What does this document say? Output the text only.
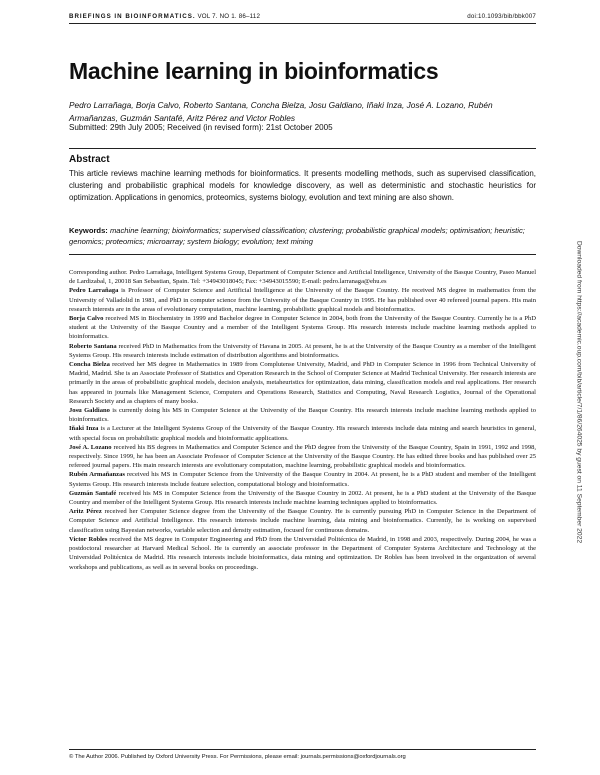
BRIEFINGS IN BIOINFORMATICS. VOL 7. NO 1. 86–112	doi:10.1093/bib/bbk007
Machine learning in bioinformatics
Pedro Larrañaga, Borja Calvo, Roberto Santana, Concha Bielza, Josu Galdiano, Iñaki Inza, José A. Lozano, Rubén Armañanzas, Guzmán Santafé, Aritz Pérez and Victor Robles
Submitted: 29th July 2005; Received (in revised form): 21st October 2005
Abstract

This article reviews machine learning methods for bioinformatics. It presents modelling methods, such as supervised classification, clustering and probabilistic graphical models for knowledge discovery, as well as deterministic and stochastic heuristics for optimization. Applications in genomics, proteomics, systems biology, evolution and text mining are also shown.

Keywords: machine learning; bioinformatics; supervised classification; clustering; probabilistic graphical models; optimisation; heuristic; genomics; proteomics; microarray; system biology; evolution; text mining

Corresponding author. Pedro Larrañaga, Intelligent Systems Group, Department of Computer Science and Artificial Intelligence, University of the Basque Country, Paseo Manuel de Lardizabal, 1, 20018 San Sebastian, Spain. Tel: +34943018045; Fax: +34943015590; E-mail: pedro.larranaga@ehu.es

Pedro Larrañaga is Professor of Computer Science and Artificial Intelligence at the University of the Basque Country. He received MS degree in mathematics from the University of Valladolid in 1981, and PhD in computer science from the University of the Basque Country in 1995. He has published over 40 refereed journal papers. His main research interests are in the areas of evolutionary computation, machine learning, probabilistic graphical models and bioinformatics.

Borja Calvo received MS in Biochemistry in 1999 and Bachelor degree in Computer Science in 2004, both from the University of the Basque Country. Currently he is a PhD student at the University of the Basque Country and a member of the Intelligent Systems Group. His research interests include machine learning methods applied to bioinformatics.

Roberto Santana received PhD in Mathematics from the University of Havana in 2005. At present, he is at the University of the Basque Country as a member of the Intelligent Systems Group. His research interests include estimation of distribution algorithms and bioinformatics.

Concha Bielza received her MS degree in Mathematics in 1989 from Complutense University, Madrid, and PhD in Computer Science in 1996 from Technical University of Madrid, Madrid. She is an Associate Professor of Statistics and Operation Research in the School of Computer Science at Madrid Technical University. Her research interests are primarily in the areas of probabilistic graphical models, decision analysis, metaheuristics for optimization, data mining, classification models and real applications. Her research has appeared in journals like Management Science, Computers and Operations Research, Statistics and Computing, Naval Research Logistics, Journal of the Operational Research Society and as chapters of many books.

Josu Galdiano is currently doing his MS in Computer Science at the University of the Basque Country. His research interests include machine learning methods applied to bioinformatics.

Iñaki Inza is a Lecturer at the Intelligent Systems Group of the University of the Basque Country. His research interests include data mining and search heuristics in general, with special focus on probabilistic graphical models and bioinformatic applications.

José A. Lozano received his BS degrees in Mathematics and Computer Science and the PhD degree from the University of the Basque Country, Spain in 1991, 1992 and 1998, respectively. Since 1999, he has been an Associate Professor of Computer Science at the University of the Basque Country. He has edited three books and has published over 25 refereed journal papers. His main research interests are evolutionary computation, machine learning, probabilistic graphical models and bioinformatics.

Rubén Armañanzas received his MS in Computer Science from the University of the Basque Country in 2004. At present, he is a PhD student and member of the Intelligent Systems Group. His research interests include feature selection, computational biology and bioinformatics.

Guzmán Santafé received his MS in Computer Science from the University of the Basque Country in 2002. At present, he is a PhD student at the University of the Basque Country and member of the Intelligent Systems Group. His research interests include machine learning techniques applied to bioinformatics.

Aritz Pérez received her Computer Science degree from the University of the Basque Country. He is currently pursuing PhD in Computer Science in the Department of Computer Science and Artificial Intelligence. His research interests include machine learning, data mining and bioinformatics. Currently, he is working on supervised classification using Bayesian networks, variable selection and density estimation, focused for continuous domains.

Victor Robles received the MS degree in Computer Engineering and PhD from the Universidad Politécnica de Madrid, in 1998 and 2003, respectively. During 2004, he was a postdoctoral researcher at Harvard Medical School. He is currently an associate professor in the Department of Computer Systems Architecture and Technology at the Universidad Politécnica de Madrid. His research interests include bioinformatics, data mining and optimization. Dr Robles has been involved in the organization of several workshops and publications, as well as in several books on proceedings.

© The Author 2006. Published by Oxford University Press. For Permissions, please email: journals.permissions@oxfordjournals.org
Downloaded from https://academic.oup.com/bib/article/7/1/86/264025 by guest on 11 September 2022
